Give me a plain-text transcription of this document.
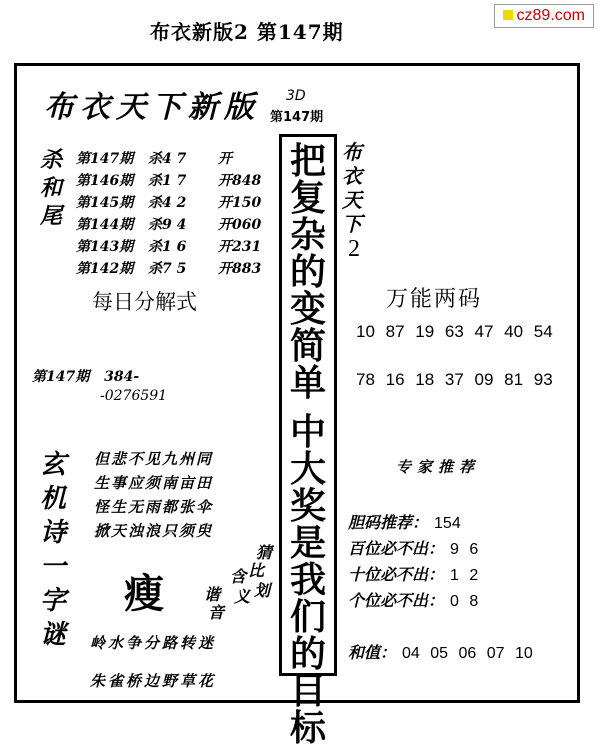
布衣新版2 第147期
cz89.com
布衣天下新版 3D
第147期
杀
和
尾
第147期	杀4 7	开
第146期	杀1 7	开848
第145期	杀4 2	开150
第144期	杀9 4	开060
第143期	杀1 6	开231
第142期	杀7 5	开883
每日分解式
第147期 384-
-0276591
玄
机
诗
一
字
谜
但悲不见九州同
生事应须南亩田
怪生无雨都张伞
掀天浊浪只须臾
瘦
猜
比
划
含
义
谐
音
岭水争分路转迷
朱雀桥边野草花
把
复
杂
的
变
简
单
中
大
奖
是
我
们
的
目
标
布
衣
天
下
2
万能两码
10 87 19 63 47 40 54
78 16 18 37 09 81 93
专家推荐
胆码推荐： 154
百位必不出： 9 6
十位必不出： 1 2
个位必不出： 0 8
和值： 04 05 06 07 10
